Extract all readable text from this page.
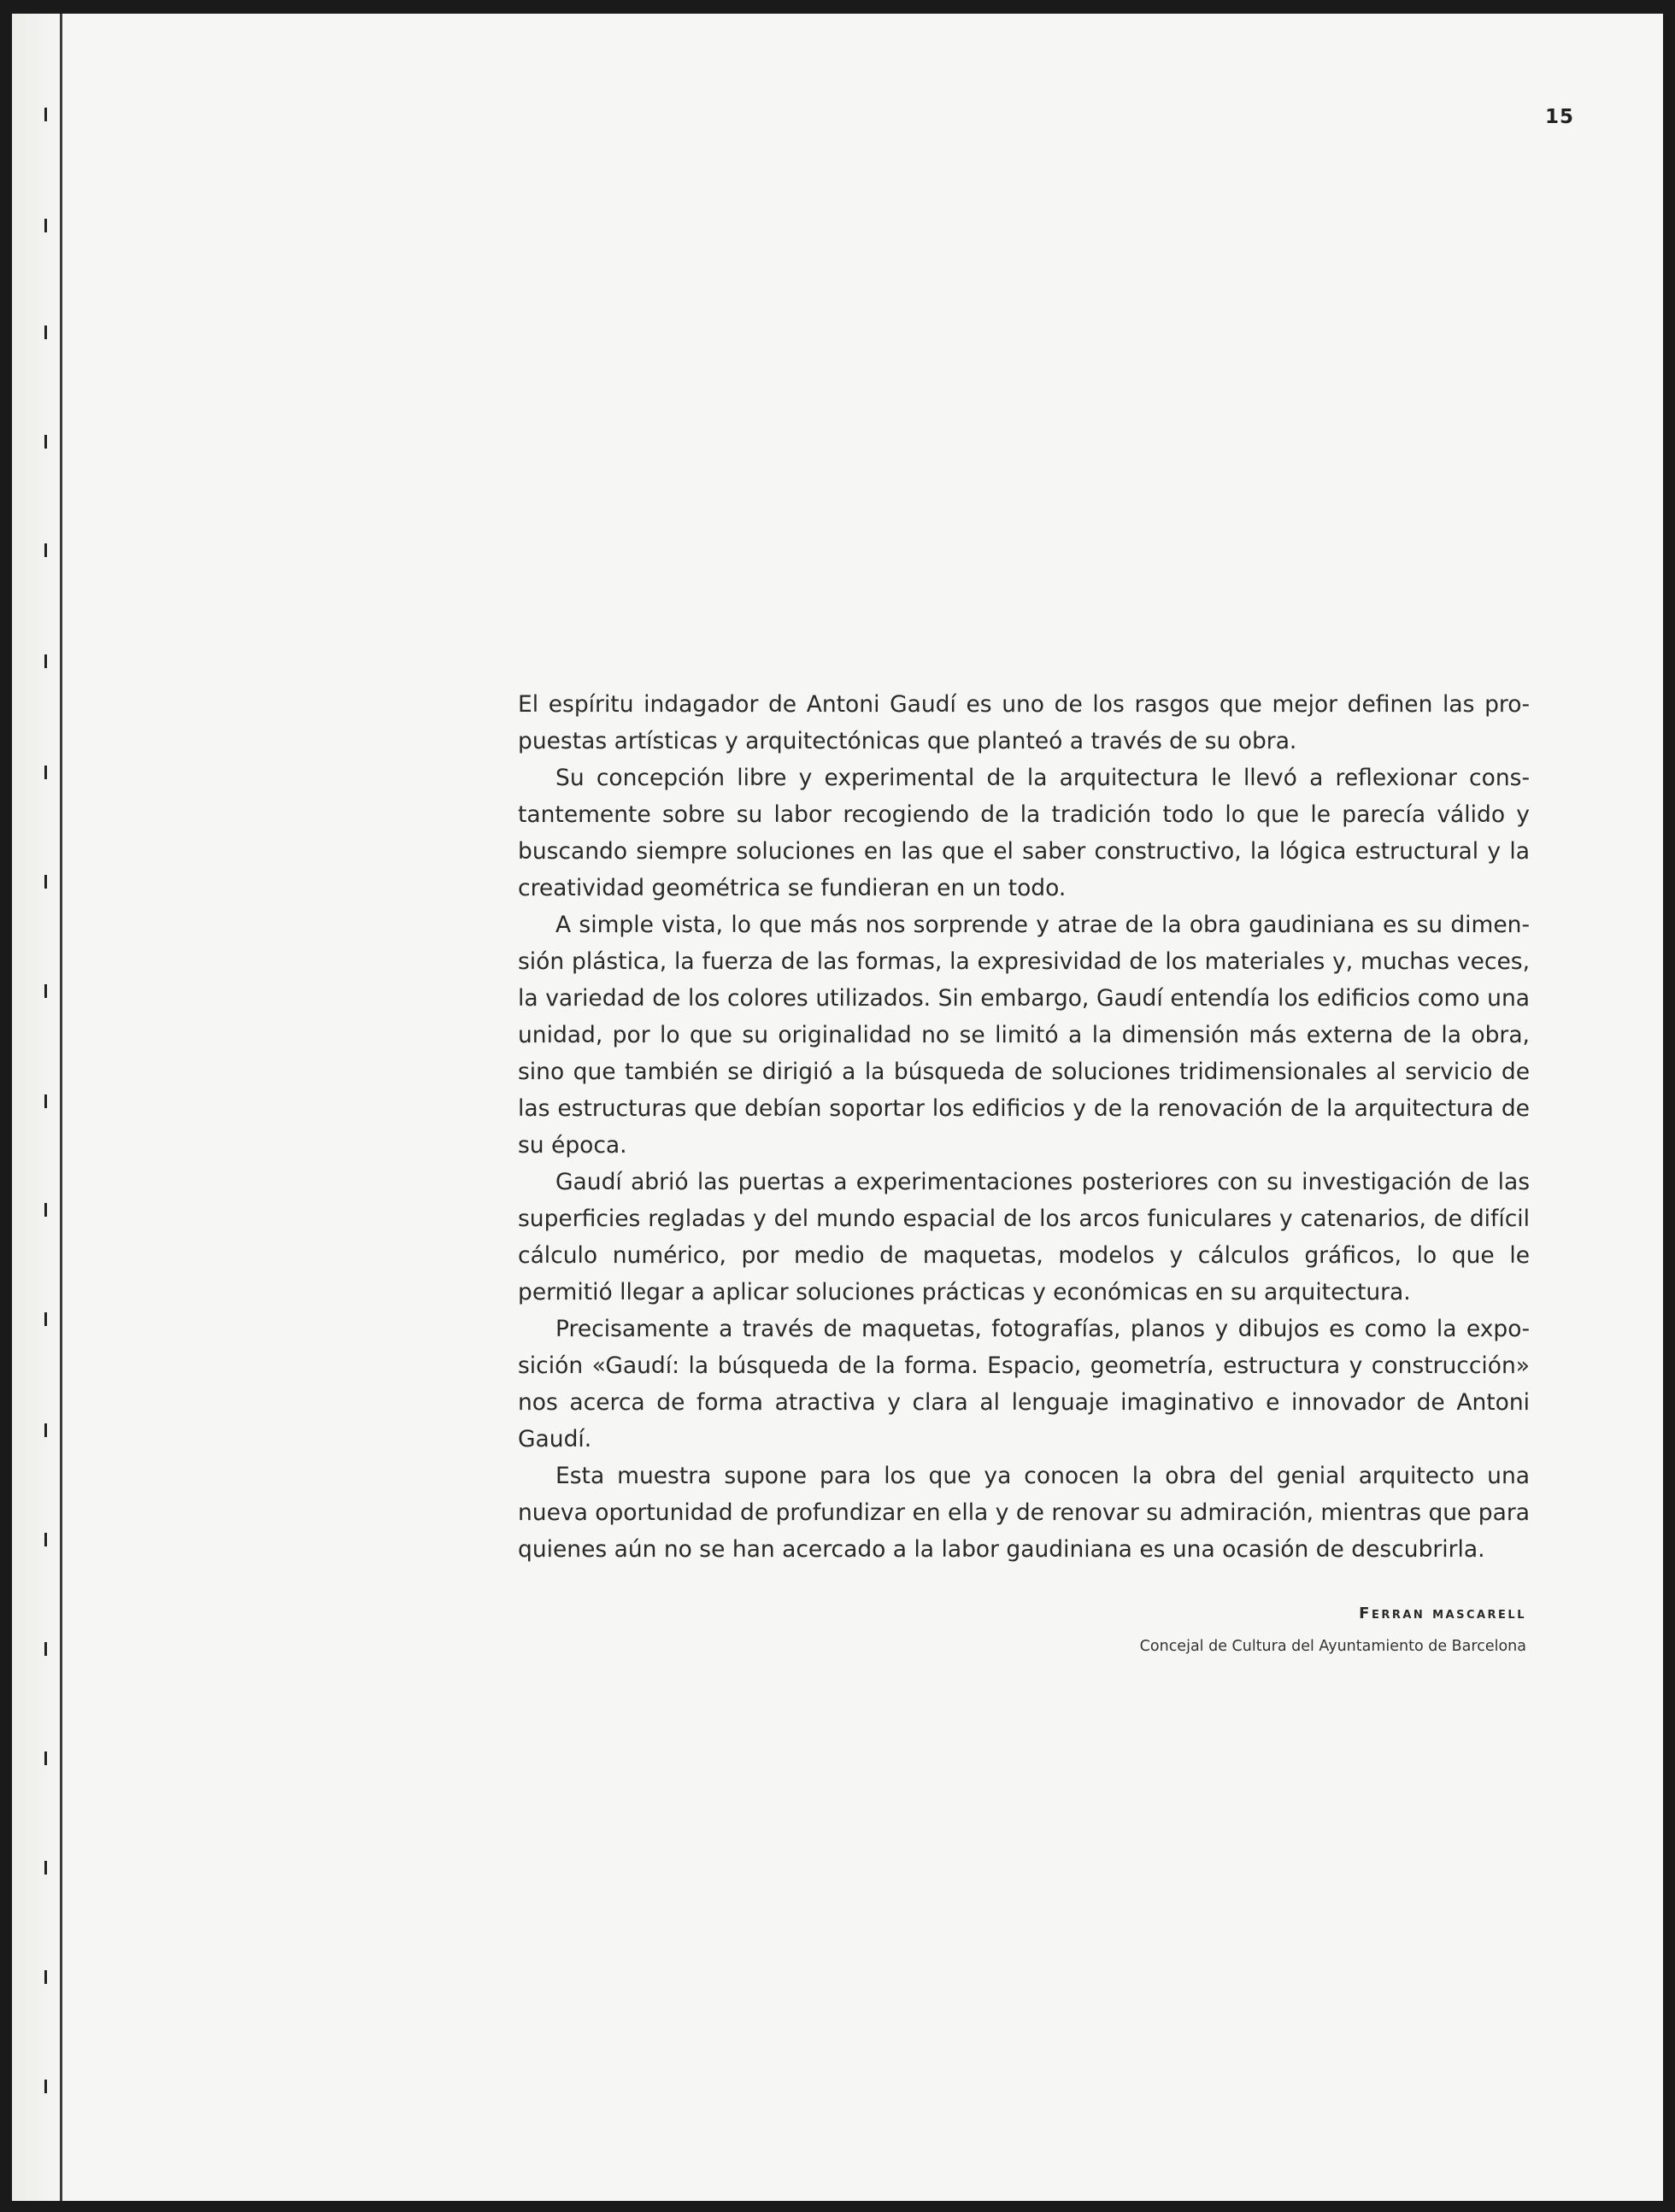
15

El espíritu indagador de Antoni Gaudí es uno de los rasgos que mejor definen las propuestas artísticas y arquitectónicas que planteó a través de su obra.

Su concepción libre y experimental de la arquitectura le llevó a reflexionar constantemente sobre su labor recogiendo de la tradición todo lo que le parecía válido y buscando siempre soluciones en las que el saber constructivo, la lógica estructural y la creatividad geométrica se fundieran en un todo.

A simple vista, lo que más nos sorprende y atrae de la obra gaudiniana es su dimensión plástica, la fuerza de las formas, la expresividad de los materiales y, muchas veces, la variedad de los colores utilizados. Sin embargo, Gaudí entendía los edificios como una unidad, por lo que su originalidad no se limitó a la dimensión más externa de la obra, sino que también se dirigió a la búsqueda de soluciones tridimensionales al servicio de las estructuras que debían soportar los edificios y de la renovación de la arquitectura de su época.

Gaudí abrió las puertas a experimentaciones posteriores con su investigación de las superficies regladas y del mundo espacial de los arcos funiculares y catenarios, de difícil cálculo numérico, por medio de maquetas, modelos y cálculos gráficos, lo que le permitió llegar a aplicar soluciones prácticas y económicas en su arquitectura.

Precisamente a través de maquetas, fotografías, planos y dibujos es como la exposición «Gaudí: la búsqueda de la forma. Espacio, geometría, estructura y construcción» nos acerca de forma atractiva y clara al lenguaje imaginativo e innovador de Antoni Gaudí.

Esta muestra supone para los que ya conocen la obra del genial arquitecto una nueva oportunidad de profundizar en ella y de renovar su admiración, mientras que para quienes aún no se han acercado a la labor gaudiniana es una ocasión de descubrirla.

Ferran mascarell
Concejal de Cultura del Ayuntamiento de Barcelona
